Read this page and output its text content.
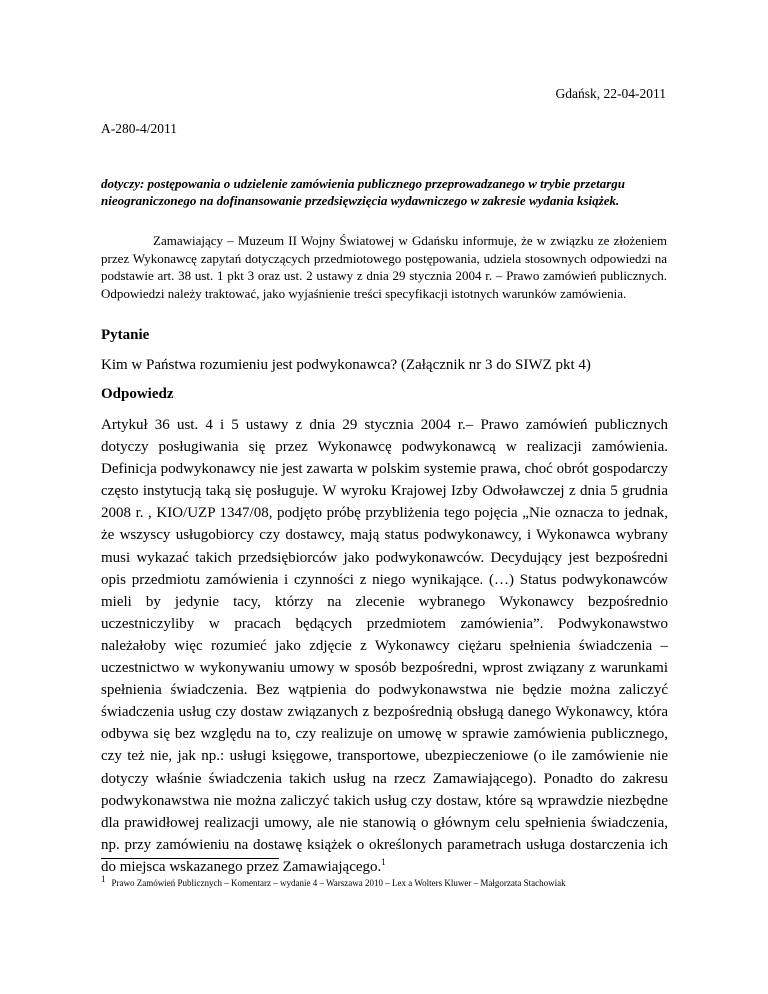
Gdańsk, 22-04-2011
A-280-4/2011
dotyczy: postępowania o udzielenie zamówienia publicznego przeprowadzanego w trybie przetargu nieograniczonego na dofinansowanie przedsięwzięcia wydawniczego w zakresie wydania książek.
Zamawiający – Muzeum II Wojny Światowej w Gdańsku informuje, że w związku ze złożeniem przez Wykonawcę zapytań dotyczących przedmiotowego postępowania, udziela stosownych odpowiedzi na podstawie art. 38 ust. 1 pkt 3 oraz ust. 2 ustawy z dnia 29 stycznia 2004 r. – Prawo zamówień publicznych. Odpowiedzi należy traktować, jako wyjaśnienie treści specyfikacji istotnych warunków zamówienia.
Pytanie
Kim w Państwa rozumieniu jest podwykonawca? (Załącznik nr 3 do SIWZ pkt 4)
Odpowiedz
Artykuł 36 ust. 4 i 5 ustawy z dnia 29 stycznia 2004 r.– Prawo zamówień publicznych dotyczy posługiwania się przez Wykonawcę podwykonawcą w realizacji zamówienia. Definicja podwykonawcy nie jest zawarta w polskim systemie prawa, choć obrót gospodarczy często instytucją taką się posługuje. W wyroku Krajowej Izby Odwoławczej z dnia 5 grudnia 2008 r. , KIO/UZP 1347/08, podjęto próbę przybliżenia tego pojęcia „Nie oznacza to jednak, że wszyscy usługobiorcy czy dostawcy, mają status podwykonawcy, i Wykonawca wybrany musi wykazać takich przedsiębiorców jako podwykonawców. Decydujący jest bezpośredni opis przedmiotu zamówienia i czynności z niego wynikające. (…) Status podwykonawców mieli by jedynie tacy, którzy na zlecenie wybranego Wykonawcy bezpośrednio uczestniczyliby w pracach będących przedmiotem zamówienia”. Podwykonawstwo należałoby więc rozumieć jako zdjęcie z Wykonawcy ciężaru spełnienia świadczenia – uczestnictwo w wykonywaniu umowy w sposób bezpośredni, wprost związany z warunkami spełnienia świadczenia. Bez wątpienia do podwykonawstwa nie będzie można zaliczyć świadczenia usług czy dostaw związanych z bezpośrednią obsługą danego Wykonawcy, która odbywa się bez względu na to, czy realizuje on umowę w sprawie zamówienia publicznego, czy też nie, jak np.: usługi księgowe, transportowe, ubezpieczeniowe (o ile zamówienie nie dotyczy właśnie świadczenia takich usług na rzecz Zamawiającego). Ponadto do zakresu podwykonawstwa nie można zaliczyć takich usług czy dostaw, które są wprawdzie niezbędne dla prawidłowej realizacji umowy, ale nie stanowią o głównym celu spełnienia świadczenia, np. przy zamówieniu na dostawę książek o określonych parametrach usługa dostarczenia ich do miejsca wskazanego przez Zamawiającego.$^1$
1 Prawo Zamówień Publicznych – Komentarz – wydanie 4 – Warszawa 2010 – Lex a Wolters Kluwer – Małgorzata Stachowiak
